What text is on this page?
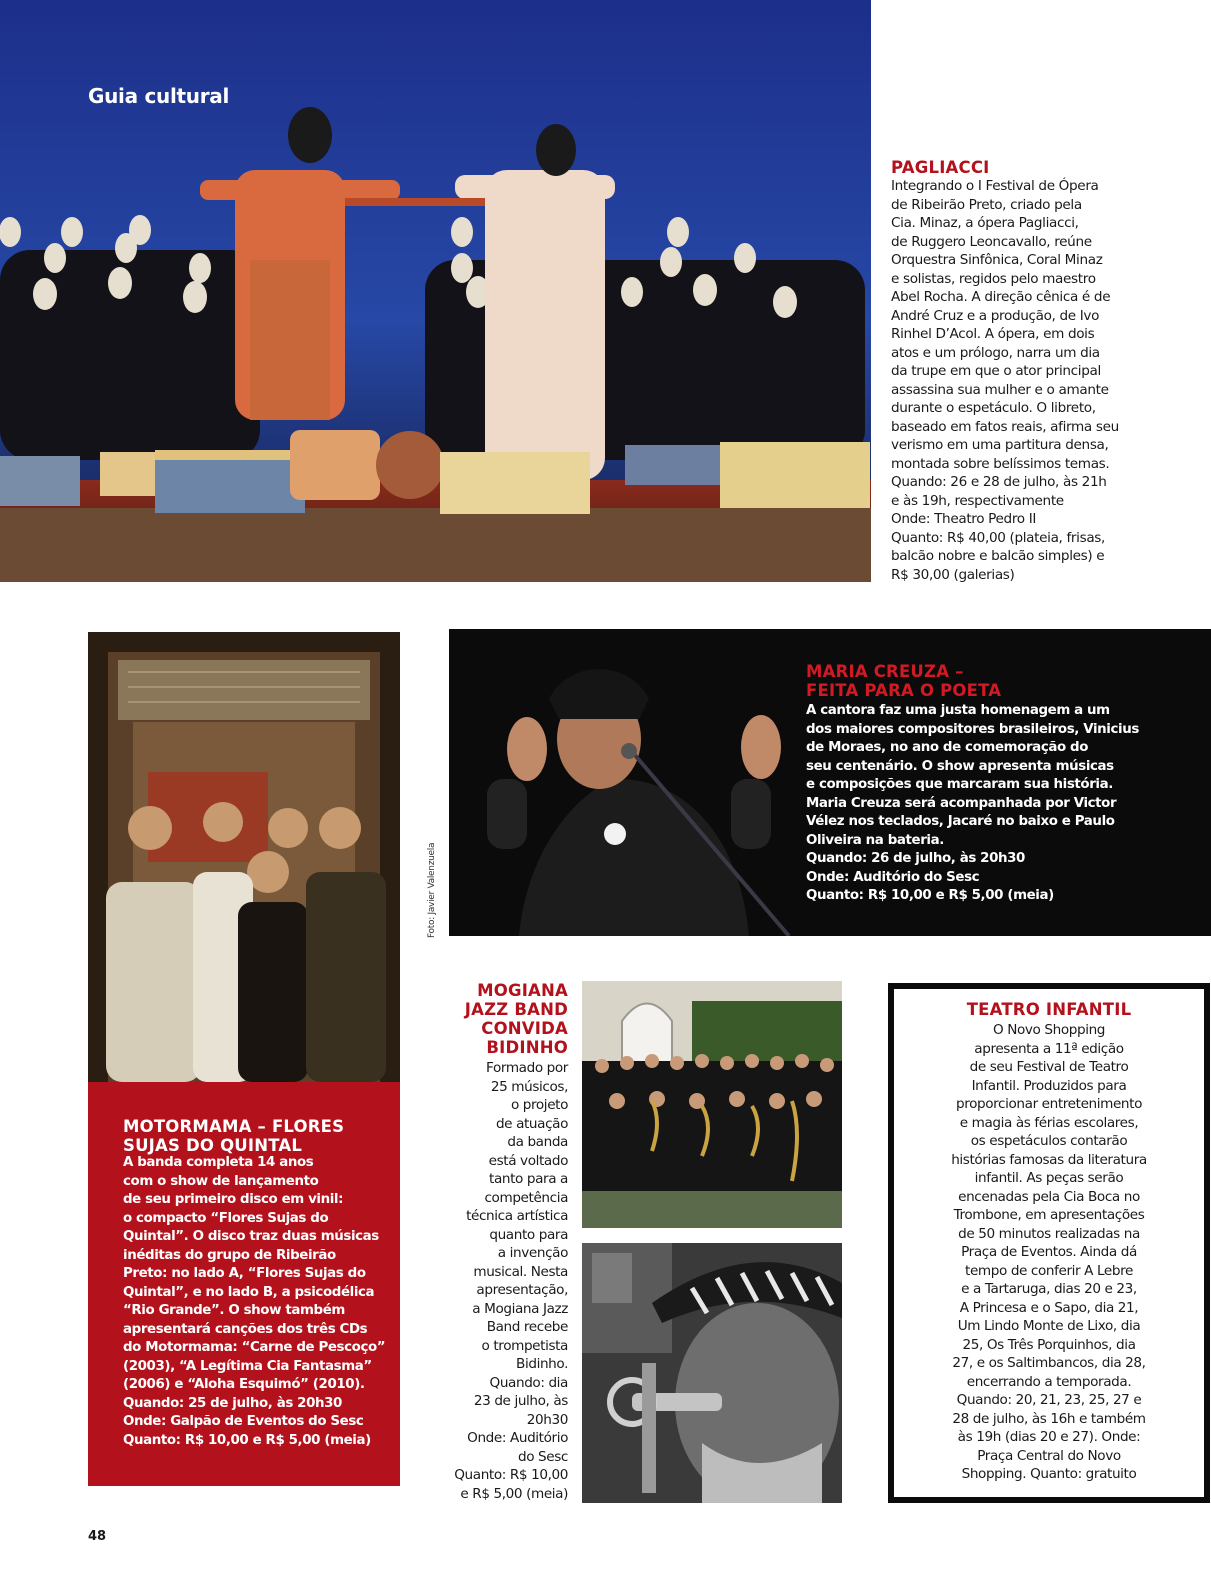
Guia cultural
PAGLIACCI
Integrando o I Festival de Ópera
de Ribeirão Preto, criado pela
Cia. Minaz, a ópera Pagliacci,
de Ruggero Leoncavallo, reúne
Orquestra Sinfônica, Coral Minaz
e solistas, regidos pelo maestro
Abel Rocha. A direção cênica é de
André Cruz e a produção, de Ivo
Rinhel D’Acol. A ópera, em dois
atos e um prólogo, narra um dia
da trupe em que o ator principal
assassina sua mulher e o amante
durante o espetáculo. O libreto,
baseado em fatos reais, afirma seu
verismo em uma partitura densa,
montada sobre belíssimos temas.
Quando: 26 e 28 de julho, às 21h
e às 19h, respectivamente
Onde: Theatro Pedro II
Quanto: R$ 40,00 (plateia, frisas,
balcão nobre e balcão simples) e
R$ 30,00 (galerias)
MOTORMAMA – FLORES
SUJAS DO QUINTAL
A banda completa 14 anos
com o show de lançamento
de seu primeiro disco em vinil:
o compacto “Flores Sujas do
Quintal”. O disco traz duas músicas
inéditas do grupo de Ribeirão
Preto: no lado A, “Flores Sujas do
Quintal”, e no lado B, a psicodélica
“Rio Grande”. O show também
apresentará canções dos três CDs
do Motormama: “Carne de Pescoço”
(2003), “A Legítima Cia Fantasma”
(2006) e “Aloha Esquimó” (2010).
Quando: 25 de julho, às 20h30
Onde: Galpão de Eventos do Sesc
Quanto: R$ 10,00 e R$ 5,00 (meia)
Foto: Javier Valenzuela
MARIA CREUZA –
FEITA PARA O POETA
A cantora faz uma justa homenagem a um
dos maiores compositores brasileiros, Vinicius
de Moraes, no ano de comemoração do
seu centenário. O show apresenta músicas
e composições que marcaram sua história.
Maria Creuza será acompanhada por Victor
Vélez nos teclados, Jacaré no baixo e Paulo
Oliveira na bateria.
Quando: 26 de julho, às 20h30
Onde: Auditório do Sesc
Quanto: R$ 10,00 e R$ 5,00 (meia)
MOGIANA
JAZZ BAND
CONVIDA
BIDINHO
Formado por
25 músicos,
o projeto
de atuação
da banda
está voltado
tanto para a
competência
técnica artística
quanto para
a invenção
musical. Nesta
apresentação,
a Mogiana Jazz
Band recebe
o trompetista
Bidinho.
Quando: dia
23 de julho, às
20h30
Onde: Auditório
do Sesc
Quanto: R$ 10,00
e R$ 5,00 (meia)
TEATRO INFANTIL
O Novo Shopping
apresenta a 11ª edição
de seu Festival de Teatro
Infantil. Produzidos para
proporcionar entretenimento
e magia às férias escolares,
os espetáculos contarão
histórias famosas da literatura
infantil. As peças serão
encenadas pela Cia Boca no
Trombone, em apresentações
de 50 minutos realizadas na
Praça de Eventos. Ainda dá
tempo de conferir A Lebre
e a Tartaruga, dias 20 e 23,
A Princesa e o Sapo, dia 21,
Um Lindo Monte de Lixo, dia
25, Os Três Porquinhos, dia
27, e os Saltimbancos, dia 28,
encerrando a temporada.
Quando: 20, 21, 23, 25, 27 e
28 de julho, às 16h e também
às 19h (dias 20 e 27). Onde:
Praça Central do Novo
Shopping. Quanto: gratuito
48
